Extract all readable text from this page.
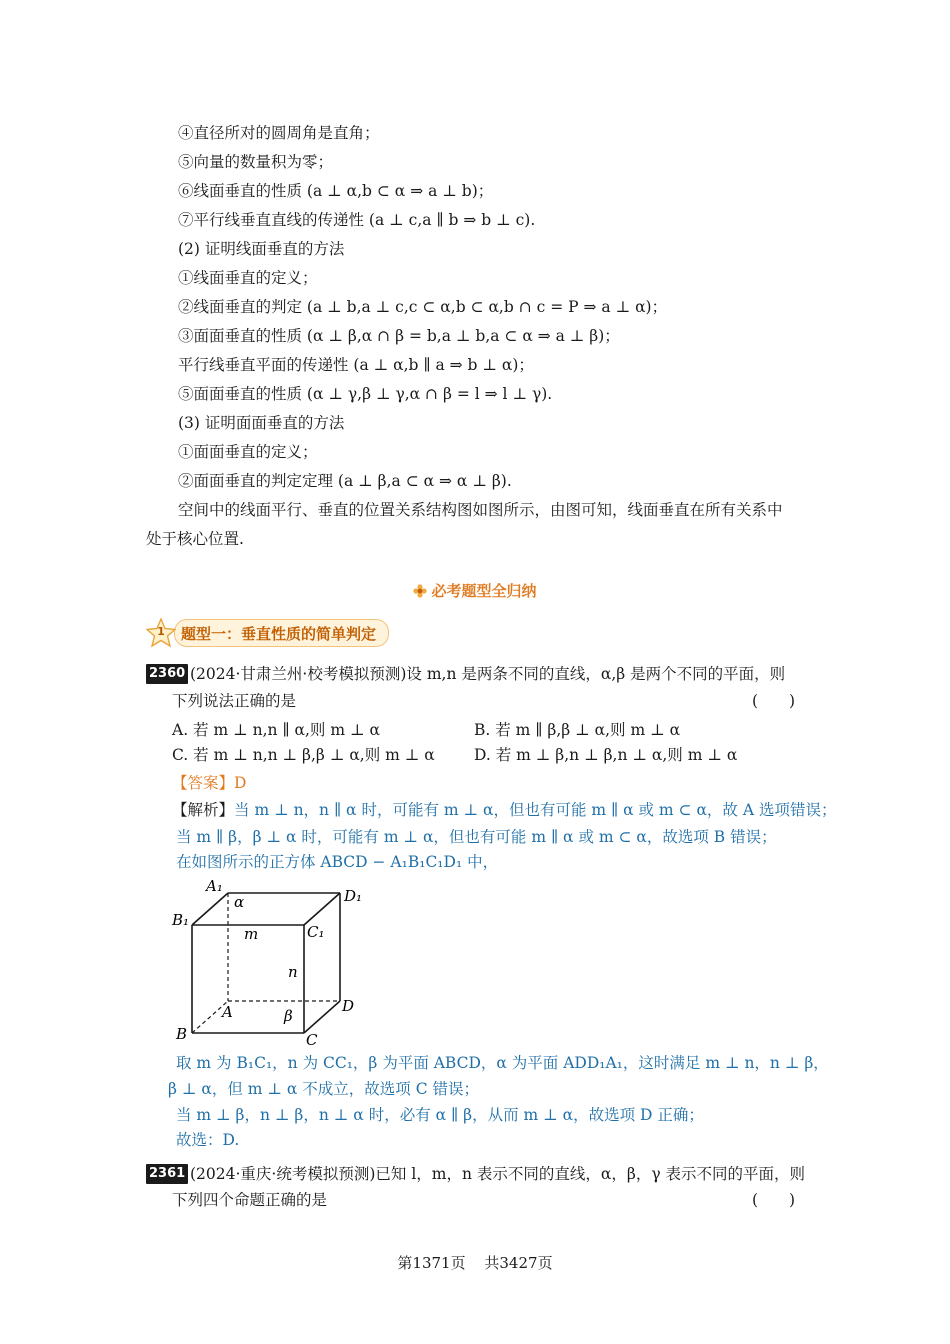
④直径所对的圆周角是直角；
⑤向量的数量积为零；
⑥线面垂直的性质 (a ⊥ α,b ⊂ α ⇒ a ⊥ b)；
⑦平行线垂直直线的传递性 (a ⊥ c,a ∥ b ⇒ b ⊥ c).
(2) 证明线面垂直的方法
①线面垂直的定义；
②线面垂直的判定 (a ⊥ b,a ⊥ c,c ⊂ α,b ⊂ α,b ∩ c = P ⇒ a ⊥ α)；
③面面垂直的性质 (α ⊥ β,α ∩ β = b,a ⊥ b,a ⊂ α ⇒ a ⊥ β)；
平行线垂直平面的传递性 (a ⊥ α,b ∥ a ⇒ b ⊥ α)；
⑤面面垂直的性质 (α ⊥ γ,β ⊥ γ,α ∩ β = l ⇒ l ⊥ γ).
(3) 证明面面垂直的方法
①面面垂直的定义；
②面面垂直的判定定理 (a ⊥ β,a ⊂ α ⇒ α ⊥ β).
空间中的线面平行、垂直的位置关系结构图如图所示，由图可知，线面垂直在所有关系中
处于核心位置.
必考题型全归纳
1	题型一：垂直性质的简单判定
2360 (2024·甘肃兰州·校考模拟预测)设 m,n 是两条不同的直线，α,β 是两个不同的平面，则
下列说法正确的是	(　　)
A. 若 m ⊥ n,n ∥ α,则 m ⊥ α	B. 若 m ∥ β,β ⊥ α,则 m ⊥ α
C. 若 m ⊥ n,n ⊥ β,β ⊥ α,则 m ⊥ α	D. 若 m ⊥ β,n ⊥ β,n ⊥ α,则 m ⊥ α
【答案】D
【解析】当 m ⊥ n，n ∥ α 时，可能有 m ⊥ α，但也有可能 m ∥ α 或 m ⊂ α，故 A 选项错误；
当 m ∥ β，β ⊥ α 时，可能有 m ⊥ α，但也有可能 m ∥ α 或 m ⊂ α，故选项 B 错误；
在如图所示的正方体 ABCD − A₁B₁C₁D₁ 中，
A₁
D₁
B₁
C₁
α
m
n
A	D
β
B	C
取 m 为 B₁C₁，n 为 CC₁，β 为平面 ABCD，α 为平面 ADD₁A₁，这时满足 m ⊥ n，n ⊥ β，
β ⊥ α，但 m ⊥ α 不成立，故选项 C 错误；
当 m ⊥ β，n ⊥ β，n ⊥ α 时，必有 α ∥ β，从而 m ⊥ α，故选项 D 正确；
故选：D.
2361 (2024·重庆·统考模拟预测)已知 l，m，n 表示不同的直线，α，β，γ 表示不同的平面，则
下列四个命题正确的是	(　　)
第1371页 共3427页
